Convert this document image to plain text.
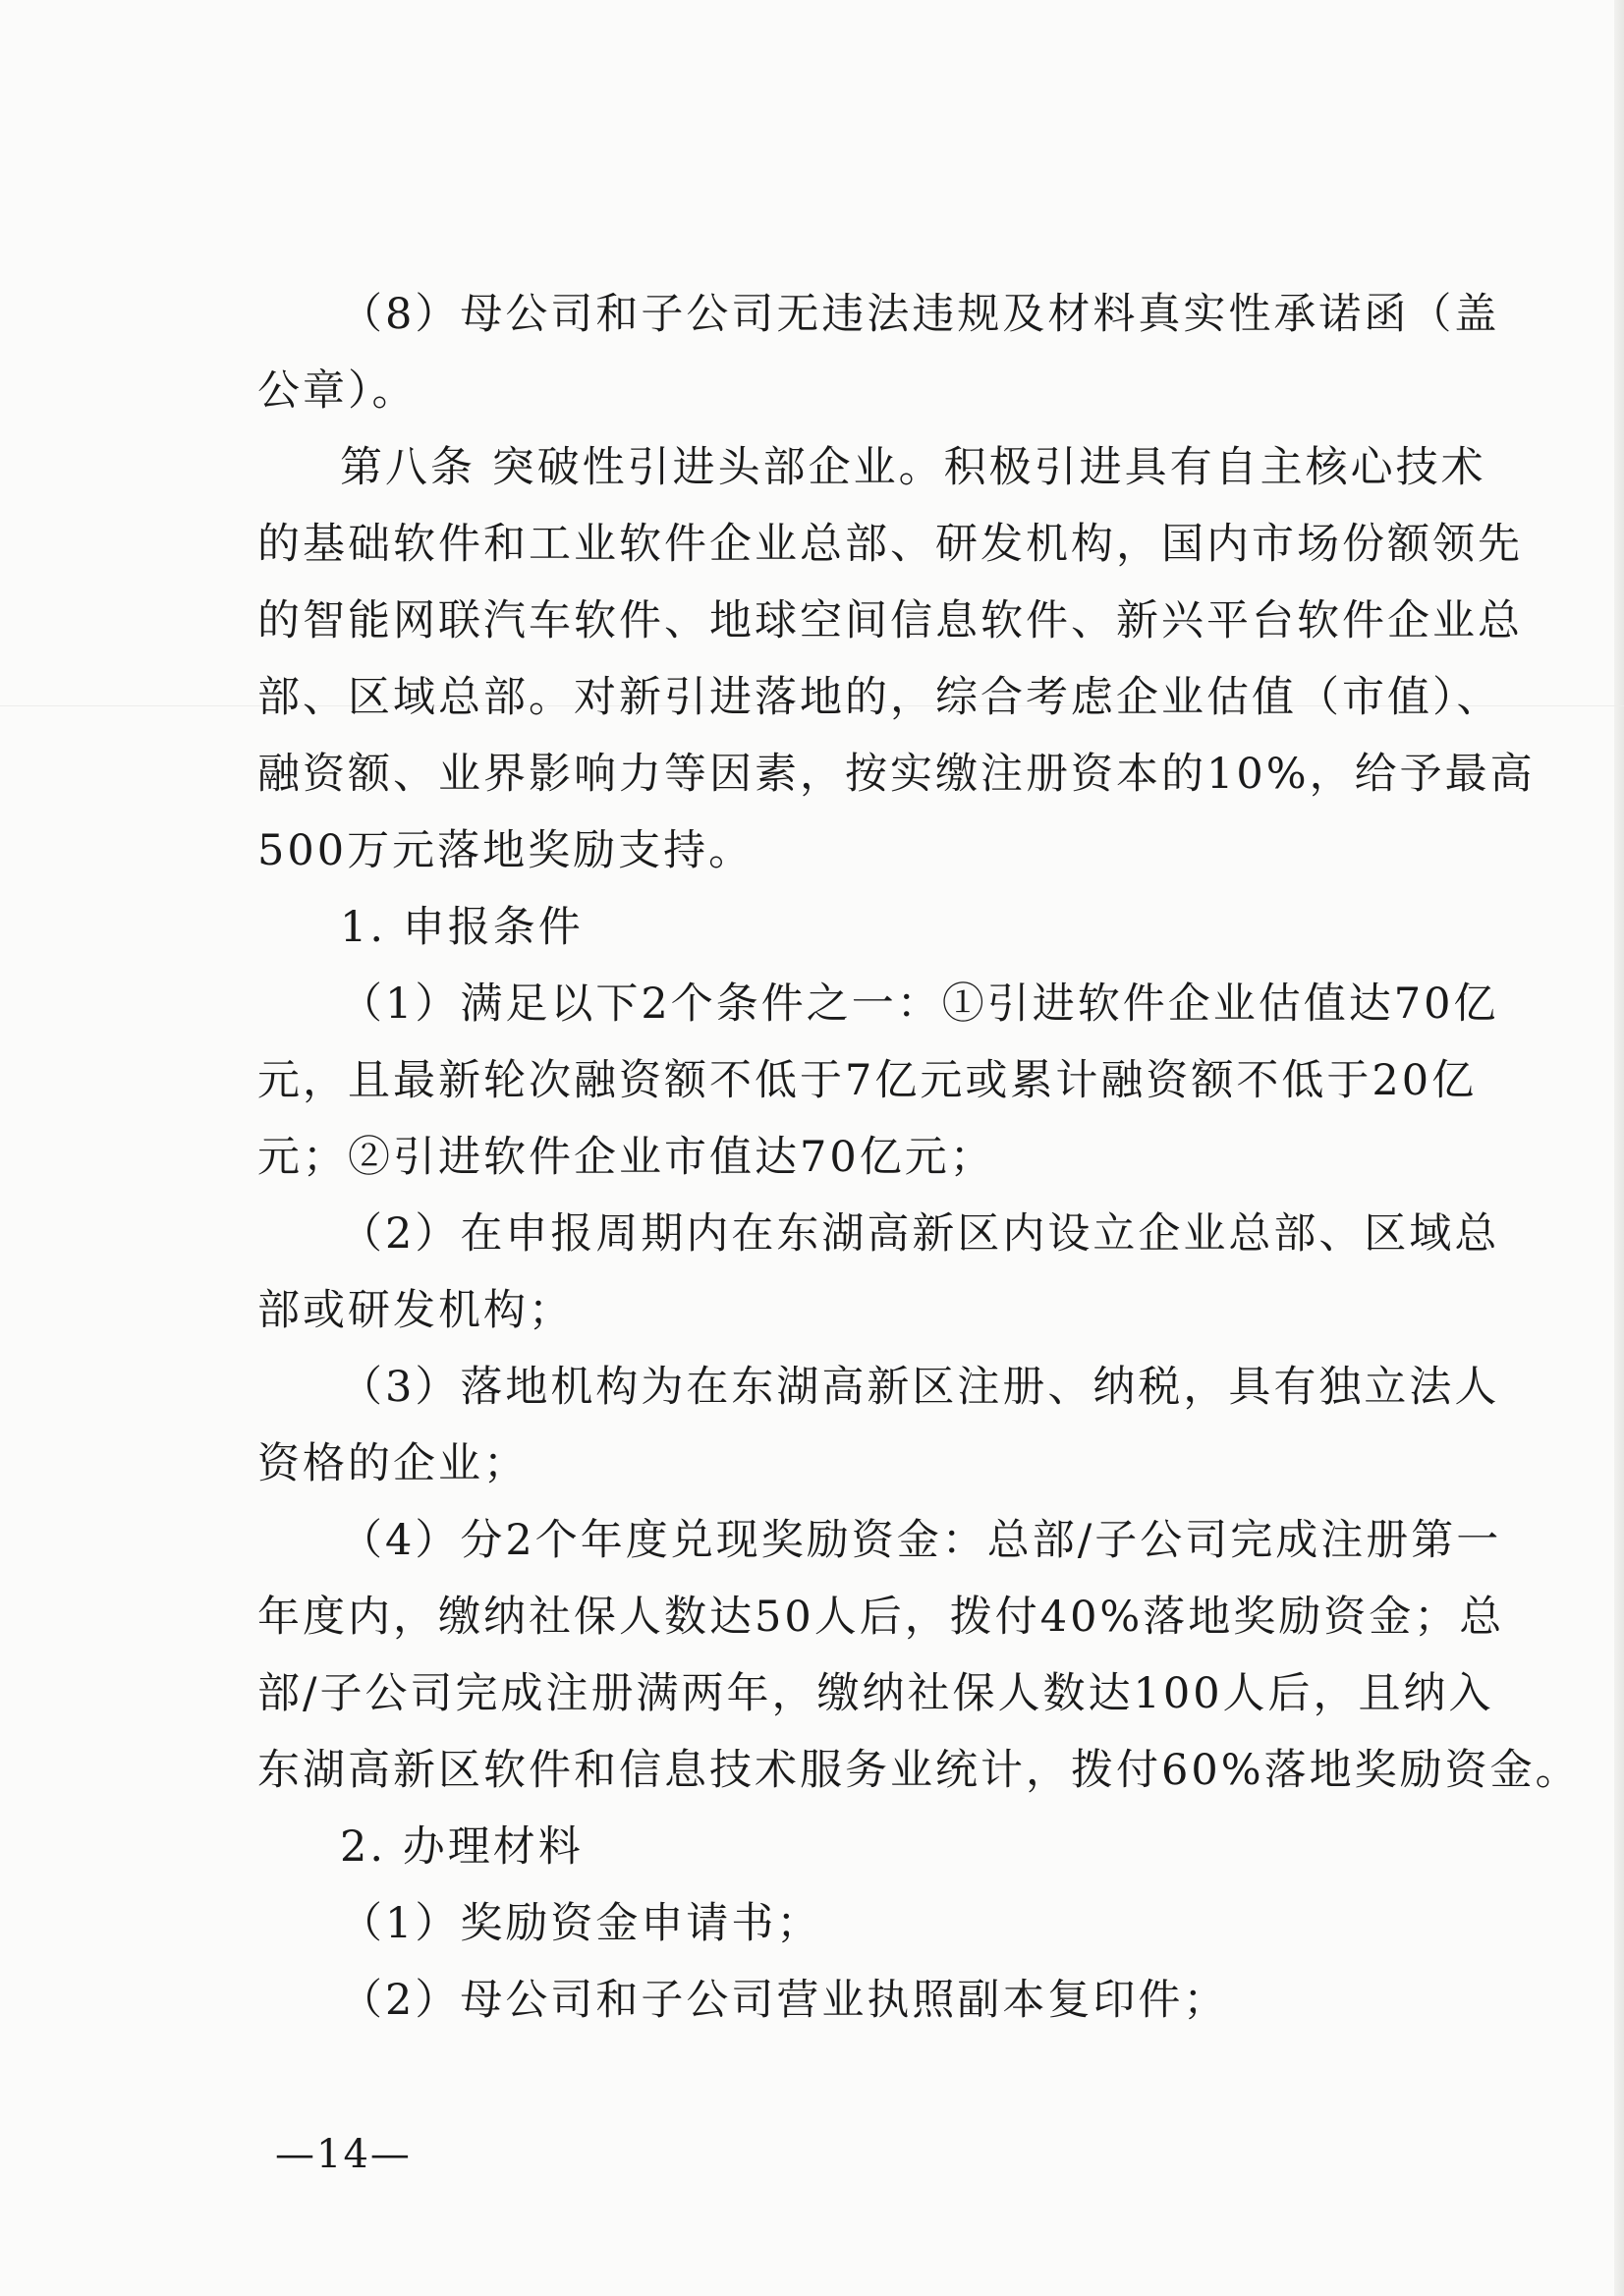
（8）母公司和子公司无违法违规及材料真实性承诺函（盖
公章）。
第八条 突破性引进头部企业。积极引进具有自主核心技术
的基础软件和工业软件企业总部、研发机构，国内市场份额领先
的智能网联汽车软件、地球空间信息软件、新兴平台软件企业总
部、区域总部。对新引进落地的，综合考虑企业估值（市值）、
融资额、业界影响力等因素，按实缴注册资本的10%，给予最高
500万元落地奖励支持。
1. 申报条件
（1）满足以下2个条件之一：①引进软件企业估值达70亿
元，且最新轮次融资额不低于7亿元或累计融资额不低于20亿
元；②引进软件企业市值达70亿元；
（2）在申报周期内在东湖高新区内设立企业总部、区域总
部或研发机构；
（3）落地机构为在东湖高新区注册、纳税，具有独立法人
资格的企业；
（4）分2个年度兑现奖励资金：总部/子公司完成注册第一
年度内，缴纳社保人数达50人后，拨付40%落地奖励资金；总
部/子公司完成注册满两年，缴纳社保人数达100人后，且纳入
东湖高新区软件和信息技术服务业统计，拨付60%落地奖励资金。
2. 办理材料
（1）奖励资金申请书；
（2）母公司和子公司营业执照副本复印件；
—14—
